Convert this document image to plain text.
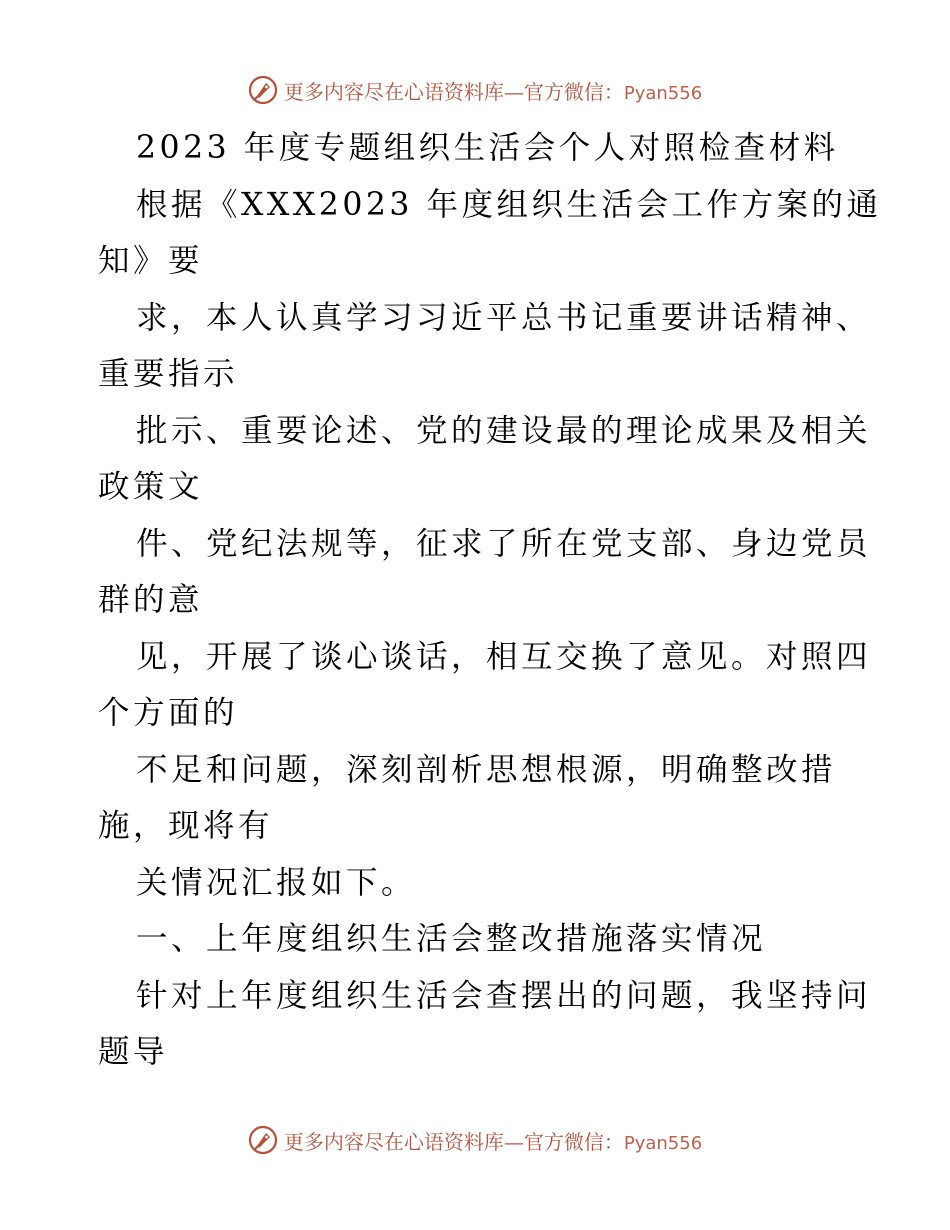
更多内容尽在心语资料库—官方微信：Pyan556
2023 年度专题组织生活会个人对照检查材料
根据《XXX2023 年度组织生活会工作方案的通
知》要
求，本人认真学习习近平总书记重要讲话精神、
重要指示
批示、重要论述、党的建设最的理论成果及相关
政策文
件、党纪法规等，征求了所在党支部、身边党员
群的意
见，开展了谈心谈话，相互交换了意见。对照四
个方面的
不足和问题，深刻剖析思想根源，明确整改措
施，现将有
关情况汇报如下。
一、上年度组织生活会整改措施落实情况
针对上年度组织生活会查摆出的问题，我坚持问
题导
更多内容尽在心语资料库—官方微信：Pyan556
